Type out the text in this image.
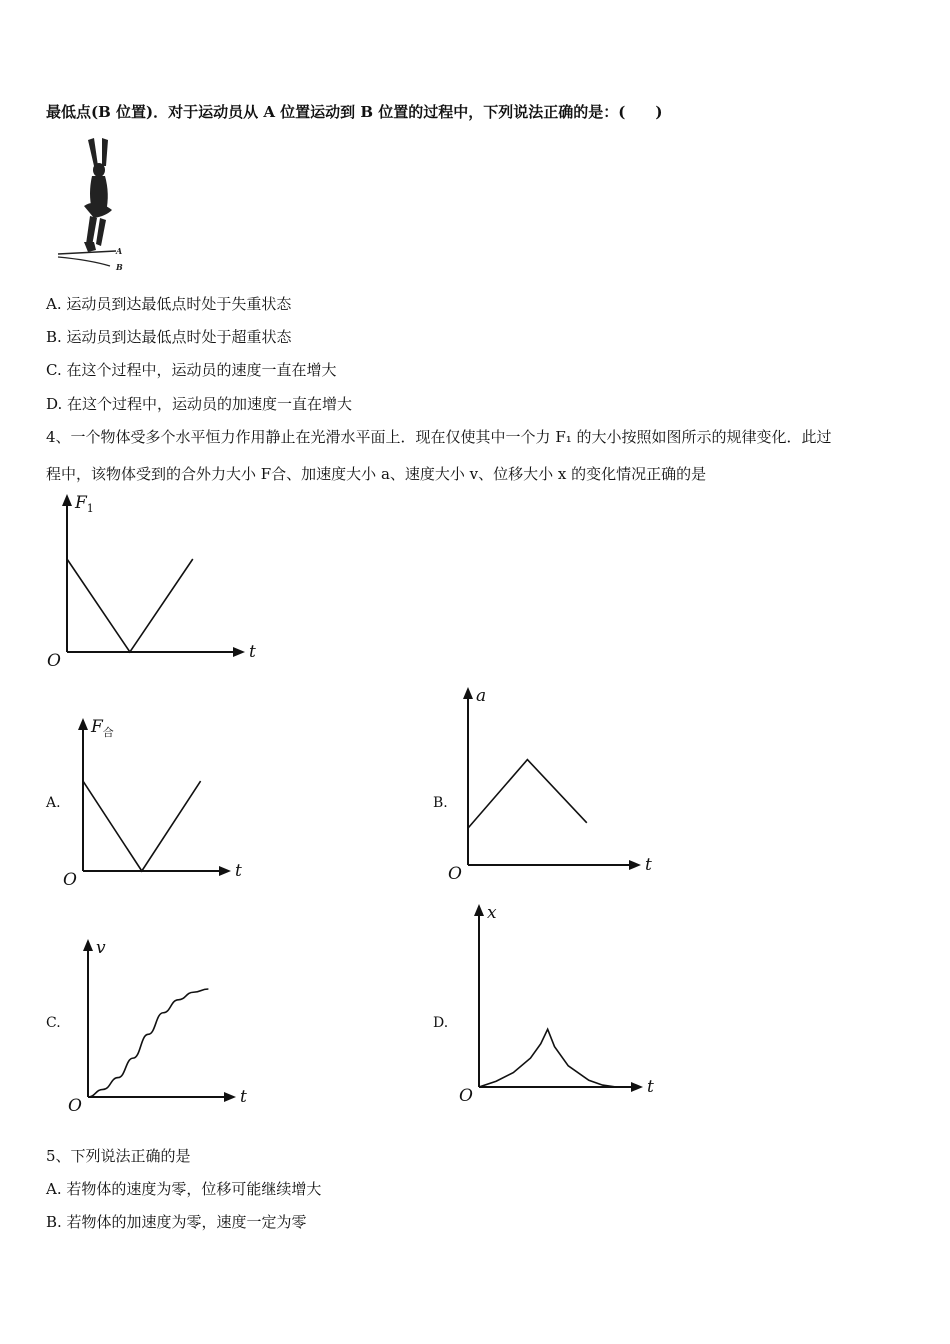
最低点(B 位置)．对于运动员从 A 位置运动到 B 位置的过程中，下列说法正确的是：(　　)
A
B
A. 运动员到达最低点时处于失重状态
B. 运动员到达最低点时处于超重状态
C. 在这个过程中，运动员的速度一直在增大
D. 在这个过程中，运动员的加速度一直在增大
4、一个物体受多个水平恒力作用静止在光滑水平面上．现在仅使其中一个力 F₁ 的大小按照如图所示的规律变化．此过
程中，该物体受到的合外力大小 F合、加速度大小 a、速度大小 v、位移大小 x 的变化情况正确的是
t
$F_1$
O
A.
t
$F_合$
O
B.
t
a
O
C.
t
v
O
D.
t
x
O
5、下列说法正确的是
A. 若物体的速度为零，位移可能继续增大
B. 若物体的加速度为零，速度一定为零
